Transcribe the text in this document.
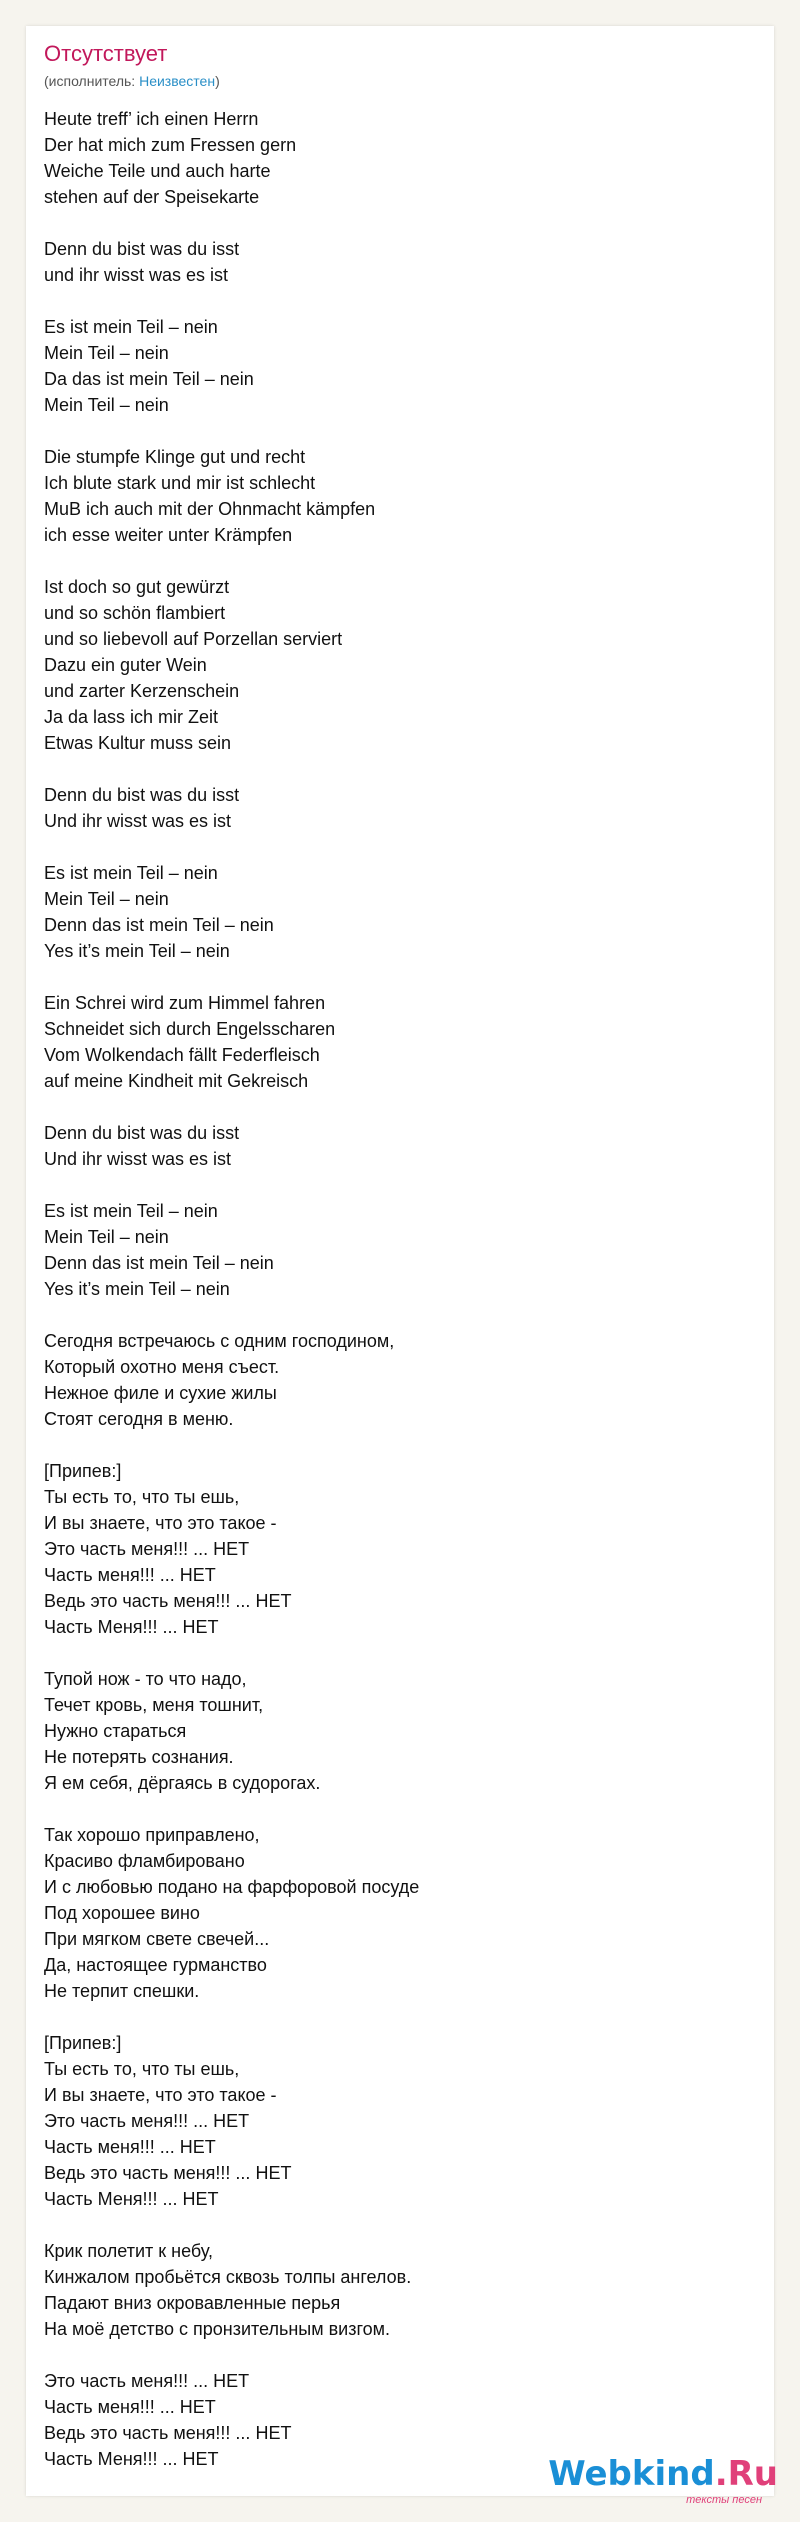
Отсутствует
(исполнитель: Неизвестен)
Heute treff’ ich einen Herrn
Der hat mich zum Fressen gern
Weiche Teile und auch harte
stehen auf der Speisekarte
Denn du bist was du isst
und ihr wisst was es ist
Es ist mein Teil – nein
Mein Teil – nein
Da das ist mein Teil – nein
Mein Teil – nein
Die stumpfe Klinge gut und recht
Ich blute stark und mir ist schlecht
MuB ich auch mit der Ohnmacht kämpfen
ich esse weiter unter Krämpfen
Ist doch so gut gewürzt
und so schön flambiert
und so liebevoll auf Porzellan serviert
Dazu ein guter Wein
und zarter Kerzenschein
Ja da lass ich mir Zeit
Etwas Kultur muss sein
Denn du bist was du isst
Und ihr wisst was es ist
Es ist mein Teil – nein
Mein Teil – nein
Denn das ist mein Teil – nein
Yes it’s mein Teil – nein
Ein Schrei wird zum Himmel fahren
Schneidet sich durch Engelsscharen
Vom Wolkendach fällt Federfleisch
auf meine Kindheit mit Gekreisch
Denn du bist was du isst
Und ihr wisst was es ist
Es ist mein Teil – nein
Mein Teil – nein
Denn das ist mein Teil – nein
Yes it’s mein Teil – nein
Сегодня встречаюсь с одним господином,
Который охотно меня съест.
Нежное филе и сухие жилы
Стоят сегодня в меню.
[Припев:]
Ты есть то, что ты ешь,
И вы знаете, что это такое -
Это часть меня!!! ... НЕТ
Часть меня!!! ... НЕТ
Ведь это часть меня!!! ... НЕТ
Часть Меня!!! ... НЕТ
Тупой нож - то что надо,
Течет кровь, меня тошнит,
Нужно стараться
Не потерять сознания.
Я ем себя, дёргаясь в судорогах.
Так хорошо приправлено,
Красиво фламбировано
И с любовью подано на фарфоровой посуде
Под хорошее вино
При мягком свете свечей...
Да, настоящее гурманство
Не терпит спешки.
[Припев:]
Ты есть то, что ты ешь,
И вы знаете, что это такое -
Это часть меня!!! ... НЕТ
Часть меня!!! ... НЕТ
Ведь это часть меня!!! ... НЕТ
Часть Меня!!! ... НЕТ
Крик полетит к небу,
Кинжалом пробьётся сквозь толпы ангелов.
Падают вниз окровавленные перья
На моё детство с пронзительным визгом.
Это часть меня!!! ... НЕТ
Часть меня!!! ... НЕТ
Ведь это часть меня!!! ... НЕТ
Часть Меня!!! ... НЕТ	Webkind.Ru
тексты песен
